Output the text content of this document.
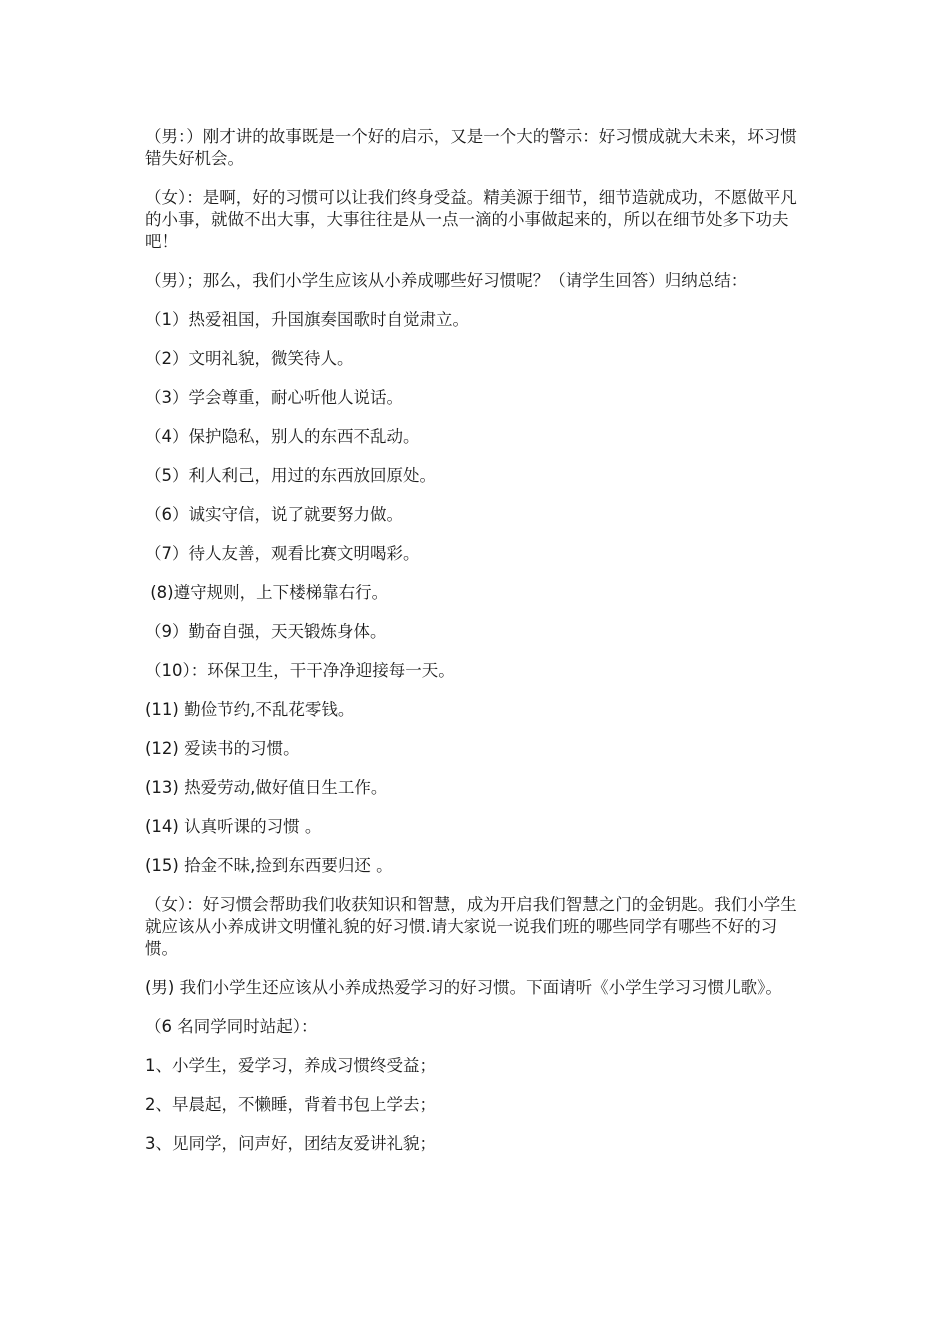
（男：）刚才讲的故事既是一个好的启示，又是一个大的警示：好习惯成就大未来，坏习惯错失好机会。

（女）：是啊，好的习惯可以让我们终身受益。精美源于细节，细节造就成功，不愿做平凡的小事，就做不出大事，大事往往是从一点一滴的小事做起来的，所以在细节处多下功夫吧！

（男）；那么，我们小学生应该从小养成哪些好习惯呢？（请学生回答）归纳总结：

（1）热爱祖国，升国旗奏国歌时自觉肃立。

（2）文明礼貌，微笑待人。

（3）学会尊重，耐心听他人说话。

（4）保护隐私，别人的东西不乱动。

（5）利人利己，用过的东西放回原处。

（6）诚实守信，说了就要努力做。

（7）待人友善，观看比赛文明喝彩。

(8)遵守规则，上下楼梯靠右行。

（9）勤奋自强，天天锻炼身体。

（10）：环保卫生，干干净净迎接每一天。

(11) 勤俭节约,不乱花零钱。

(12) 爱读书的习惯。

(13) 热爱劳动,做好值日生工作。

(14) 认真听课的习惯 。

(15) 拾金不昧,捡到东西要归还 。

（女）：好习惯会帮助我们收获知识和智慧，成为开启我们智慧之门的金钥匙。我们小学生就应该从小养成讲文明懂礼貌的好习惯.请大家说一说我们班的哪些同学有哪些不好的习惯。

(男) 我们小学生还应该从小养成热爱学习的好习惯。下面请听《小学生学习习惯儿歌》。

（6 名同学同时站起）：

1、小学生，爱学习，养成习惯终受益；

2、早晨起，不懒睡，背着书包上学去；

3、见同学，问声好，团结友爱讲礼貌；
